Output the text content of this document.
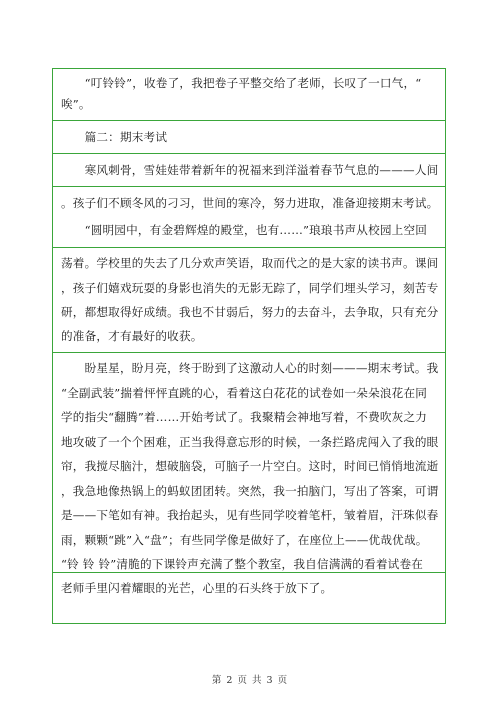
　　“叮铃铃”，收卷了，我把卷子平整交给了老师，长叹了一口气，“
唉”。
　　篇二：期末考试
　　寒风刺骨，雪娃娃带着新年的祝福来到洋溢着春节气息的———人间
。孩子们不顾冬风的刁习，世间的寒冷，努力进取，准备迎接期末考试。
　　“圆明园中，有金碧辉煌的殿堂，也有……”琅琅书声从校园上空回
荡着。学校里的失去了几分欢声笑语，取而代之的是大家的读书声。课间
，孩子们嬉戏玩耍的身影也消失的无影无踪了，同学们埋头学习，刻苦专
研，都想取得好成绩。我也不甘弱后，努力的去奋斗，去争取，只有充分
的准备，才有最好的收获。
　　盼星星，盼月亮，终于盼到了这激动人心的时刻———期末考试。我
“全副武装”揣着怦怦直跳的心，看着这白花花的试卷如一朵朵浪花在同
学的指尖“翻腾”着……开始考试了。我聚精会神地写着，不费吹灰之力
地攻破了一个个困难，正当我得意忘形的时候，一条拦路虎闯入了我的眼
帘，我搅尽脑汁，想破脑袋，可脑子一片空白。这时，时间已悄悄地流逝
，我急地像热锅上的蚂蚁团团转。突然，我一拍脑门，写出了答案，可谓
是——下笔如有神。我抬起头，见有些同学咬着笔杆，皱着眉，汗珠似春
雨，颗颗“跳”入“盘”；有些同学像是做好了，在座位上——优哉优哉。
“铃 铃 铃”清脆的下课铃声充满了整个教室，我自信满满的看着试卷在
老师手里闪着耀眼的光芒，心里的石头终于放下了。
第 2 页 共 3 页
